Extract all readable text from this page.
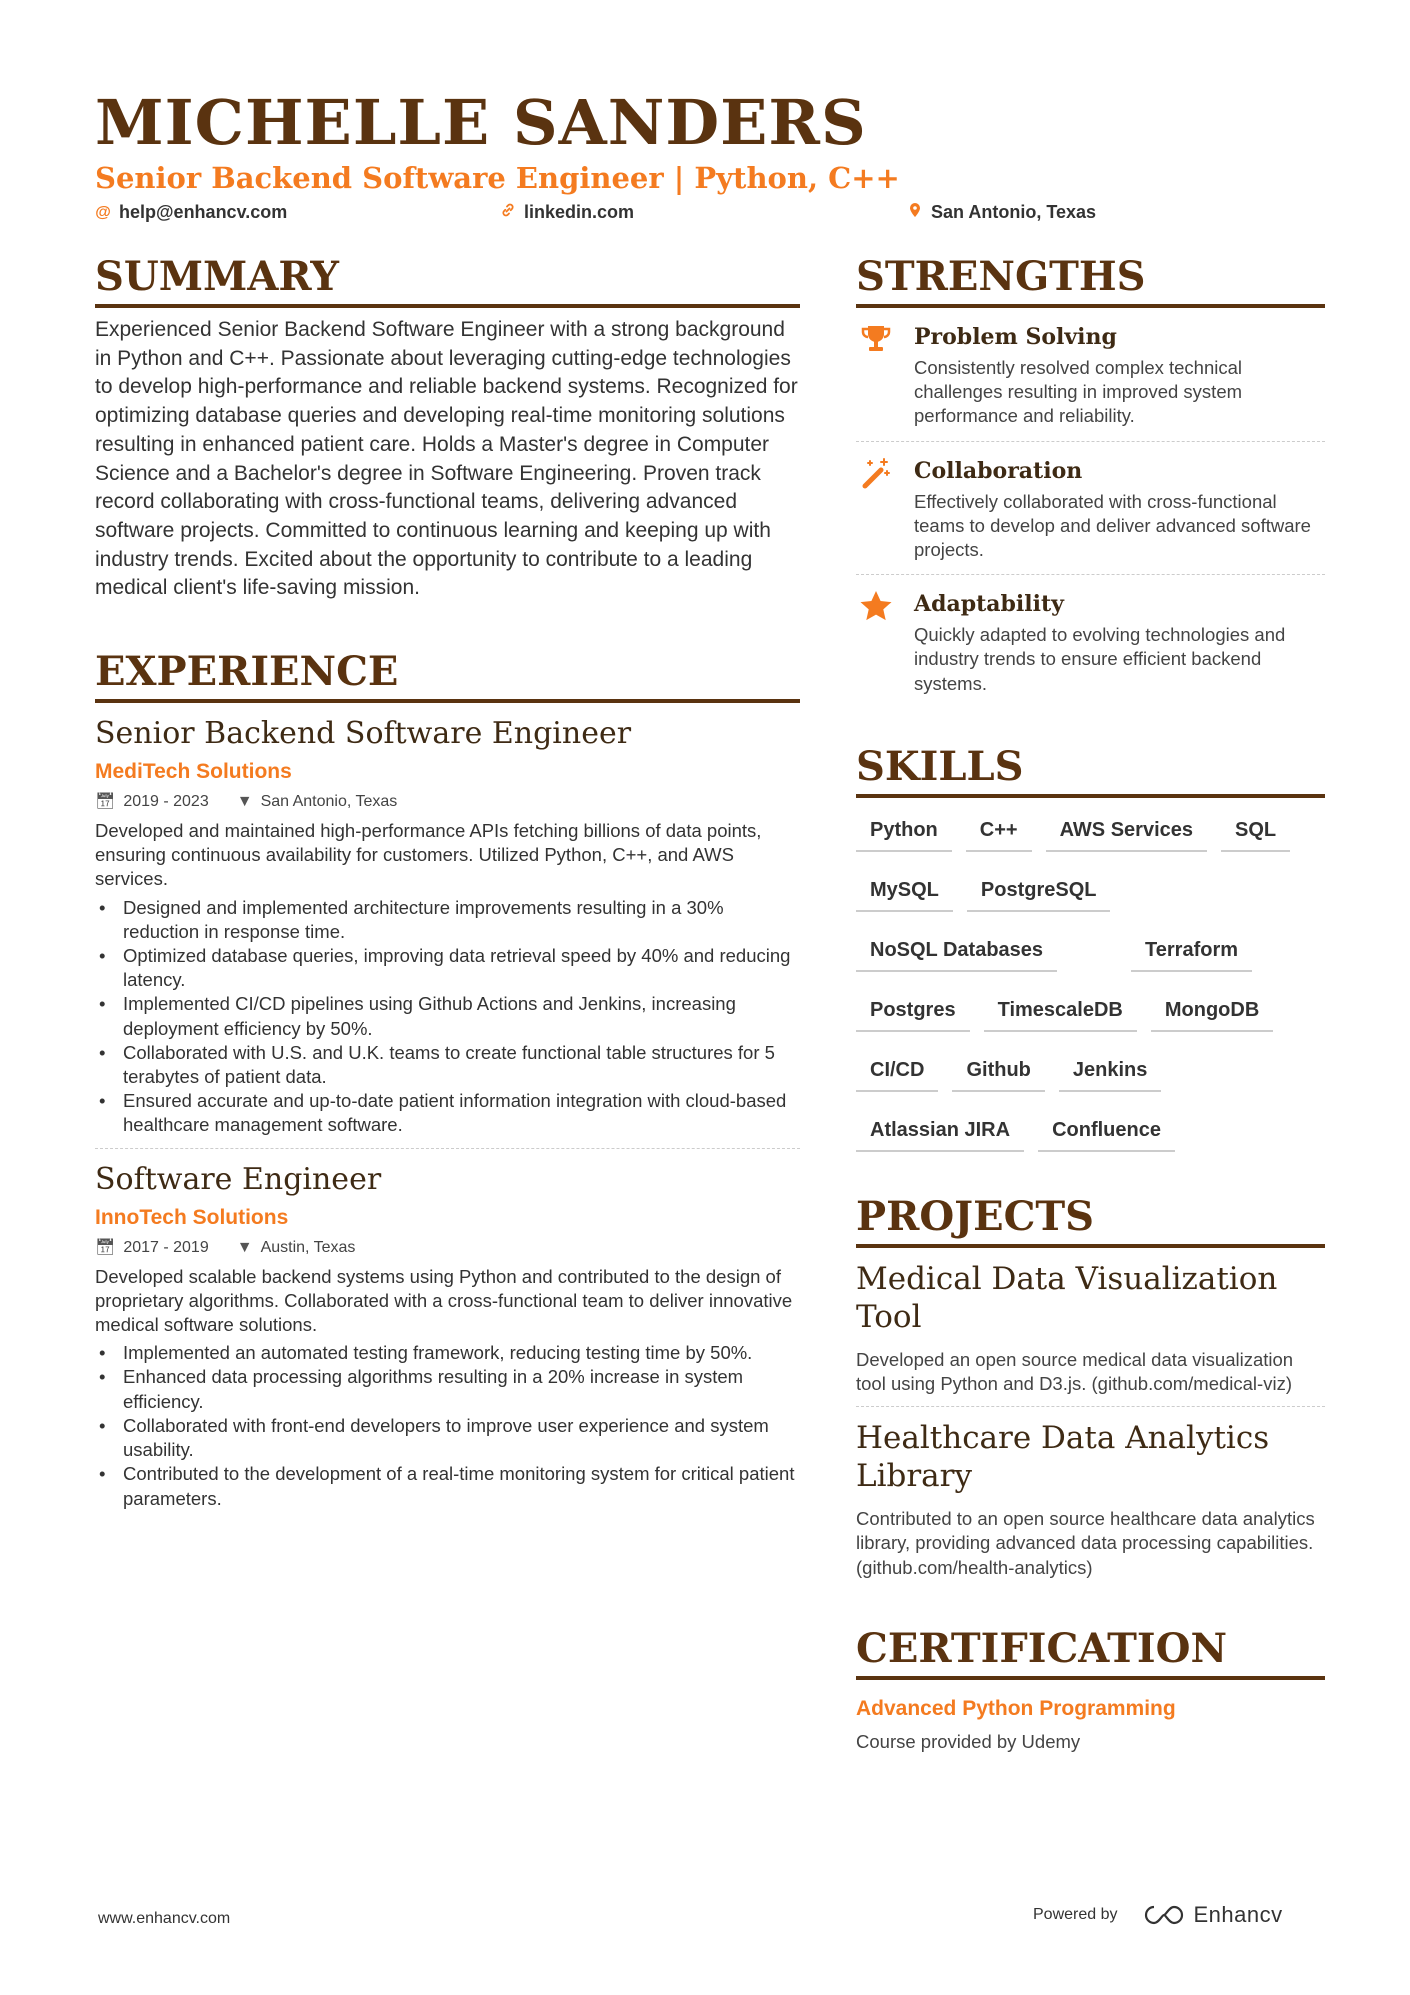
MICHELLE SANDERS
Senior Backend Software Engineer | Python, C++
@ help@enhancv.com	linkedin.com	San Antonio, Texas
SUMMARY
Experienced Senior Backend Software Engineer with a strong background in Python and C++. Passionate about leveraging cutting-edge technologies to develop high-performance and reliable backend systems. Recognized for optimizing database queries and developing real-time monitoring solutions resulting in enhanced patient care. Holds a Master's degree in Computer Science and a Bachelor's degree in Software Engineering. Proven track record collaborating with cross-functional teams, delivering advanced software projects. Committed to continuous learning and keeping up with industry trends. Excited about the opportunity to contribute to a leading medical client's life-saving mission.
EXPERIENCE
Senior Backend Software Engineer
MediTech Solutions
📅︎ 2019 - 2023 ▼ San Antonio, Texas
Developed and maintained high-performance APIs fetching billions of data points, ensuring continuous availability for customers. Utilized Python, C++, and AWS services.
• Designed and implemented architecture improvements resulting in a 30% reduction in response time.
• Optimized database queries, improving data retrieval speed by 40% and reducing latency.
• Implemented CI/CD pipelines using Github Actions and Jenkins, increasing deployment efficiency by 50%.
• Collaborated with U.S. and U.K. teams to create functional table structures for 5 terabytes of patient data.
• Ensured accurate and up-to-date patient information integration with cloud-based healthcare management software.
Software Engineer
InnoTech Solutions
📅︎ 2017 - 2019 ▼ Austin, Texas
Developed scalable backend systems using Python and contributed to the design of proprietary algorithms. Collaborated with a cross-functional team to deliver innovative medical software solutions.
• Implemented an automated testing framework, reducing testing time by 50%.
• Enhanced data processing algorithms resulting in a 20% increase in system efficiency.
• Collaborated with front-end developers to improve user experience and system usability.
• Contributed to the development of a real-time monitoring system for critical patient parameters.
STRENGTHS
Problem Solving
Consistently resolved complex technical challenges resulting in improved system performance and reliability.
Collaboration
Effectively collaborated with cross-functional teams to develop and deliver advanced software projects.
Adaptability
Quickly adapted to evolving technologies and industry trends to ensure efficient backend systems.
SKILLS
Python	C++	AWS Services	SQL
MySQL	PostgreSQL
NoSQL Databases	Terraform
Postgres	TimescaleDB	MongoDB
CI/CD	Github	Jenkins
Atlassian JIRA	Confluence
PROJECTS
Medical Data Visualization Tool
Developed an open source medical data visualization tool using Python and D3.js. (github.com/medical-viz)
Healthcare Data Analytics Library
Contributed to an open source healthcare data analytics library, providing advanced data processing capabilities. (github.com/health-analytics)
CERTIFICATION
Advanced Python Programming
Course provided by Udemy
www.enhancv.com	Powered by	Enhancv
